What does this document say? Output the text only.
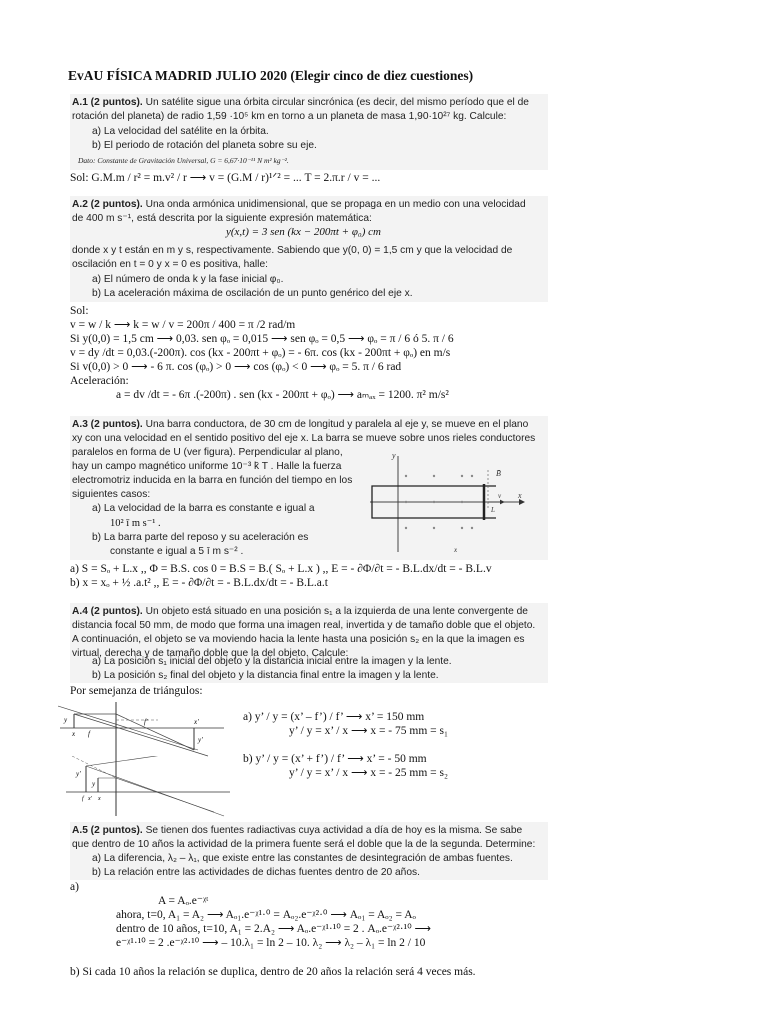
EvAU FÍSICA MADRID JULIO 2020 (Elegir cinco de diez cuestiones)
A.1 (2 puntos). Un satélite sigue una órbita circular sincrónica (es decir, del mismo período que el de
rotación del planeta) de radio 1,59 ·10⁵ km en torno a un planeta de masa 1,90·10²⁷ kg. Calcule:
a) La velocidad del satélite en la órbita.
b) El periodo de rotación del planeta sobre su eje.
Dato: Constante de Gravitación Universal, G = 6,67·10⁻¹¹ N m² kg⁻².
Sol: G.M.m / r² = m.v² / r ⟶ v = (G.M / r)¹ᐟ² = ... T = 2.π.r / v = ...
A.2 (2 puntos). Una onda armónica unidimensional, que se propaga en un medio con una velocidad
de 400 m s⁻¹, está descrita por la siguiente expresión matemática:
y(x,t) = 3 sen (kx − 200πt + φ₀) cm
donde x y t están en m y s, respectivamente. Sabiendo que y(0, 0) = 1,5 cm y que la velocidad de
oscilación en t = 0 y x = 0 es positiva, halle:
a) El número de onda k y la fase inicial φ₀.
b) La aceleración máxima de oscilación de un punto genérico del eje x.
Sol:
v = w / k ⟶ k = w / v = 200π / 400 = π /2 rad/m
Si y(0,0) = 1,5 cm ⟶ 0,03. sen φₒ = 0,015 ⟶ sen φₒ = 0,5 ⟶ φₒ = π / 6 ó 5. π / 6
v = dy /dt = 0,03.(-200π). cos (kx - 200πt + φₒ) = - 6π. cos (kx - 200πt + φₒ) en m/s
Si v(0,0) > 0 ⟶ - 6 π. cos (φₒ) > 0 ⟶ cos (φₒ) < 0 ⟶ φₒ = 5. π / 6 rad
Aceleración:
a = dv /dt = - 6π .(-200π) . sen (kx - 200πt + φₒ) ⟶ aₘₐₓ = 1200. π² m/s²
A.3 (2 puntos). Una barra conductora, de 30 cm de longitud y paralela al eje y, se mueve en el plano
xy con una velocidad en el sentido positivo del eje x. La barra se mueve sobre unos rieles conductores
paralelos en forma de U (ver figura). Perpendicular al plano,
hay un campo magnético uniforme 10⁻³ k̄ T . Halle la fuerza
electromotriz inducida en la barra en función del tiempo en los
siguientes casos:
a) La velocidad de la barra es constante e igual a
10² ī m s⁻¹ .
b) La barra parte del reposo y su aceleración es
constante e igual a 5 ī m s⁻² .
y
x
B̄
v
L
x
a) S = Sₒ + L.x ,, Φ = B.S. cos 0 = B.S = B.( Sₒ + L.x ) ,, E = - ∂Φ/∂t = - B.L.dx/dt = - B.L.v
b) x = xₒ + ½ .a.t² ,, E = - ∂Φ/∂t = - B.L.dx/dt = - B.L.a.t
A.4 (2 puntos). Un objeto está situado en una posición s₁ a la izquierda de una lente convergente de
distancia focal 50 mm, de modo que forma una imagen real, invertida y de tamaño doble que el objeto.
A continuación, el objeto se va moviendo hacia la lente hasta una posición s₂ en la que la imagen es
virtual, derecha y de tamaño doble que la del objeto. Calcule:
a) La posición s₁ inicial del objeto y la distancia inicial entre la imagen y la lente.
b) La posición s₂ final del objeto y la distancia final entre la imagen y la lente.
Por semejanza de triángulos:
y
x f
f'	x'
y'
y'
y
f x' x
a) y’ / y = (x’ – f’) / f’ ⟶ x’ = 150 mm
y’ / y = x’ / x ⟶ x = - 75 mm = s₁
b) y’ / y = (x’ + f’) / f’ ⟶ x’ = - 50 mm
y’ / y = x’ / x ⟶ x = - 25 mm = s₂
A.5 (2 puntos). Se tienen dos fuentes radiactivas cuya actividad a día de hoy es la misma. Se sabe
que dentro de 10 años la actividad de la primera fuente será el doble que la de la segunda. Determine:
a) La diferencia, λ₂ – λ₁, que existe entre las constantes de desintegración de ambas fuentes.
b) La relación entre las actividades de dichas fuentes dentro de 20 años.
a)
A = Aₒ.e⁻ᵡᵗ
ahora, t=0, A₁ = A₂ ⟶ Aₒ₁.e⁻ᵡ¹·⁰ = Aₒ₂.e⁻ᵡ²·⁰ ⟶ Aₒ₁ = Aₒ₂ = Aₒ
dentro de 10 años, t=10, A₁ = 2.A₂ ⟶ Aₒ.e⁻ᵡ¹·¹⁰ = 2 . Aₒ.e⁻ᵡ²·¹⁰ ⟶
e⁻ᵡ¹·¹⁰ = 2 .e⁻ᵡ²·¹⁰ ⟶ – 10.λ₁ = ln 2 – 10. λ₂ ⟶ λ₂ – λ₁ = ln 2 / 10
b) Si cada 10 años la relación se duplica, dentro de 20 años la relación será 4 veces más.
